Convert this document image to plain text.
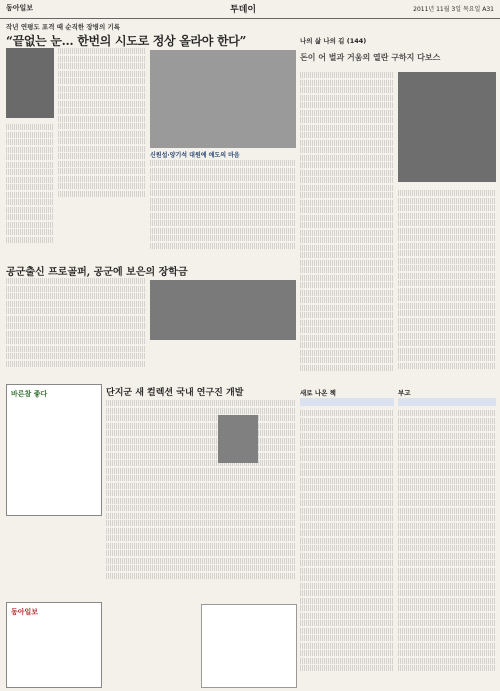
동아일보	투데이	2011년 11월 3일 목요일 A31
작년 연평도 포격 때 순직한 장병의 기록
“끝없는 눈… 한번의 시도로 정상 올라야 한다”
신원섭·양기석 대원에 애도의 마음
공군출신 프로골퍼, 공군에 보은의 장학금
바른참 좋다	단지군 새 컬렉션 국내 연구진 개발
동아일보
나의 삶 나의 길 (144)
돈이 어 벌과 거움의 열란 구하지 다보스
새로 나온 책	부고
